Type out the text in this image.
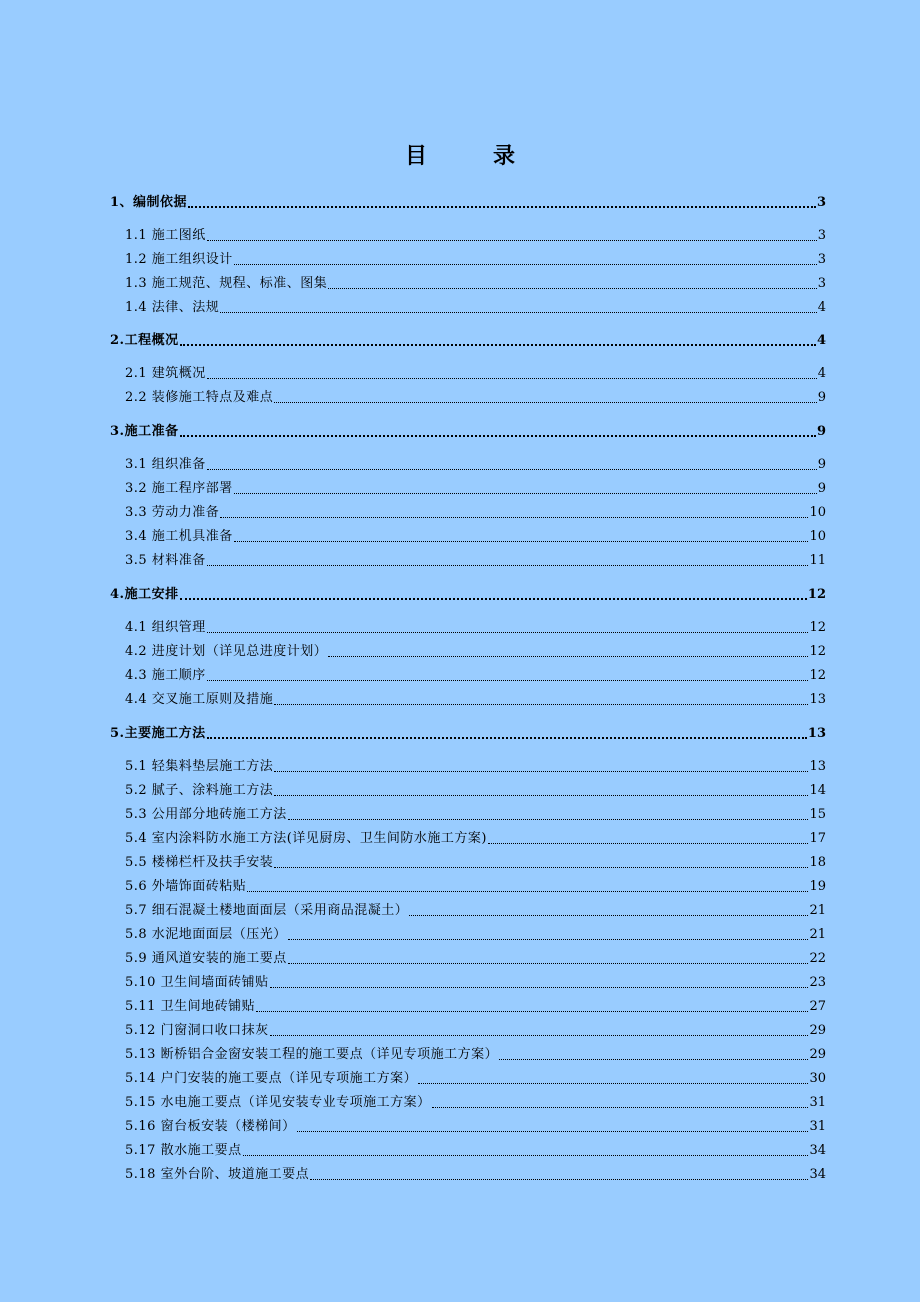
目　录
1、编制依据	3
1.1 施工图纸	3
1.2 施工组织设计	3
1.3 施工规范、规程、标准、图集	3
1.4 法律、法规	4
2.工程概况	4
2.1 建筑概况	4
2.2 装修施工特点及难点	9
3.施工准备	9
3.1 组织准备	9
3.2 施工程序部署	9
3.3 劳动力准备	10
3.4 施工机具准备	10
3.5 材料准备	11
4.施工安排	12
4.1 组织管理	12
4.2 进度计划（详见总进度计划）	12
4.3 施工顺序	12
4.4 交叉施工原则及措施	13
5.主要施工方法	13
5.1 轻集料垫层施工方法	13
5.2 腻子、涂料施工方法	14
5.3 公用部分地砖施工方法	15
5.4 室内涂料防水施工方法(详见厨房、卫生间防水施工方案)	17
5.5 楼梯栏杆及扶手安装	18
5.6 外墙饰面砖粘贴	19
5.7 细石混凝土楼地面面层（采用商品混凝土）	21
5.8 水泥地面面层（压光）	21
5.9 通风道安装的施工要点	22
5.10 卫生间墙面砖铺贴	23
5.11 卫生间地砖铺贴	27
5.12 门窗洞口收口抹灰	29
5.13 断桥铝合金窗安装工程的施工要点（详见专项施工方案）	29
5.14 户门安装的施工要点（详见专项施工方案）	30
5.15 水电施工要点（详见安装专业专项施工方案）	31
5.16 窗台板安装（楼梯间）	31
5.17 散水施工要点	34
5.18 室外台阶、坡道施工要点	34
